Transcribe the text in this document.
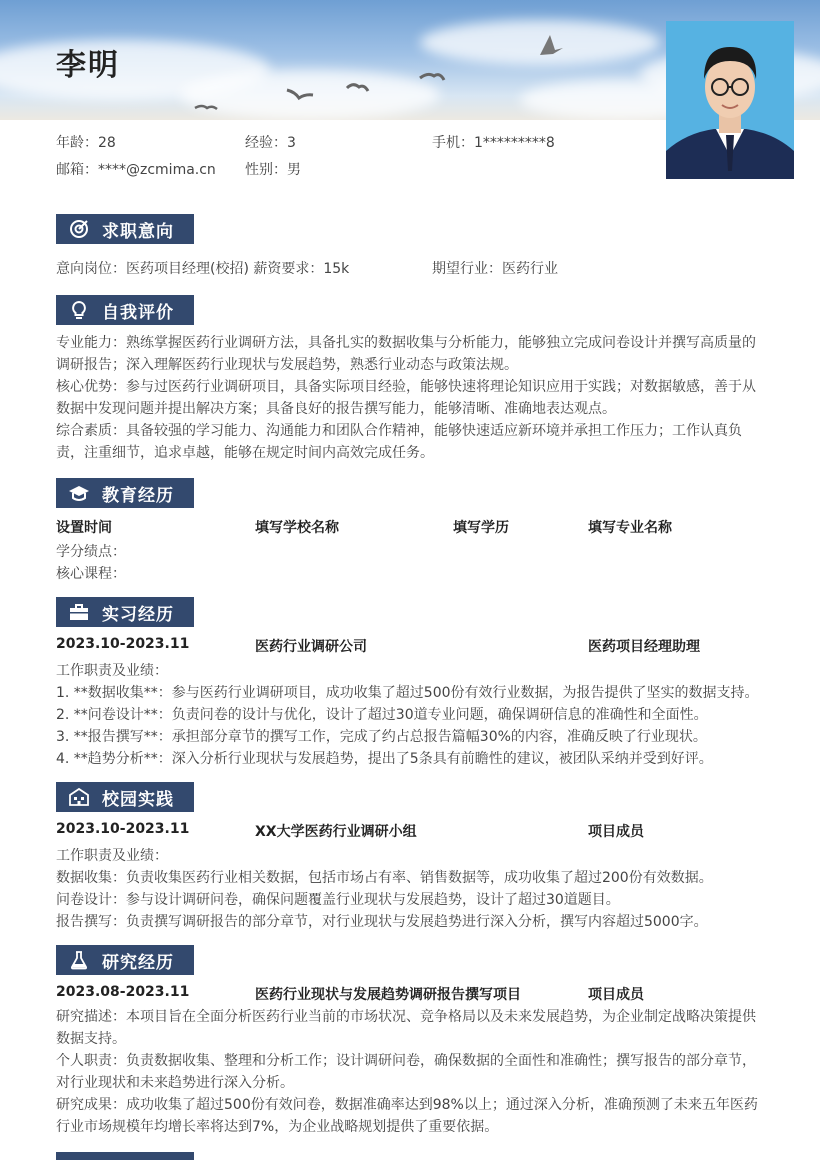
李明
年龄：28	经验：3	手机：1*********8
邮箱：****@zcmima.cn 性别：男
求职意向
意向岗位：医药项目经理(校招) 薪资要求：15k	期望行业：医药行业
自我评价
专业能力：熟练掌握医药行业调研方法，具备扎实的数据收集与分析能力，能够独立完成问卷设计并撰写高质量的调研报告；深入理解医药行业现状与发展趋势，熟悉行业动态与政策法规。
核心优势：参与过医药行业调研项目，具备实际项目经验，能够快速将理论知识应用于实践；对数据敏感，善于从数据中发现问题并提出解决方案；具备良好的报告撰写能力，能够清晰、准确地表达观点。
综合素质：具备较强的学习能力、沟通能力和团队合作精神，能够快速适应新环境并承担工作压力；工作认真负责，注重细节，追求卓越，能够在规定时间内高效完成任务。
教育经历
设置时间	填写学校名称	填写学历	填写专业名称
学分绩点：
核心课程：
实习经历
2023.10-2023.11	医药行业调研公司	医药项目经理助理
工作职责及业绩：
1. **数据收集**：参与医药行业调研项目，成功收集了超过500份有效行业数据，为报告提供了坚实的数据支持。
2. **问卷设计**：负责问卷的设计与优化，设计了超过30道专业问题，确保调研信息的准确性和全面性。
3. **报告撰写**：承担部分章节的撰写工作，完成了约占总报告篇幅30%的内容，准确反映了行业现状。
4. **趋势分析**：深入分析行业现状与发展趋势，提出了5条具有前瞻性的建议，被团队采纳并受到好评。
校园实践
2023.10-2023.11	XX大学医药行业调研小组	项目成员
工作职责及业绩：
数据收集：负责收集医药行业相关数据，包括市场占有率、销售数据等，成功收集了超过200份有效数据。
问卷设计：参与设计调研问卷，确保问题覆盖行业现状与发展趋势，设计了超过30道题目。
报告撰写：负责撰写调研报告的部分章节，对行业现状与发展趋势进行深入分析，撰写内容超过5000字。
研究经历
2023.08-2023.11	医药行业现状与发展趋势调研报告撰写项目	项目成员
研究描述：本项目旨在全面分析医药行业当前的市场状况、竞争格局以及未来发展趋势，为企业制定战略决策提供数据支持。
个人职责：负责数据收集、整理和分析工作；设计调研问卷，确保数据的全面性和准确性；撰写报告的部分章节，对行业现状和未来趋势进行深入分析。
研究成果：成功收集了超过500份有效问卷，数据准确率达到98%以上；通过深入分析，准确预测了未来五年医药行业市场规模年均增长率将达到7%，为企业战略规划提供了重要依据。
